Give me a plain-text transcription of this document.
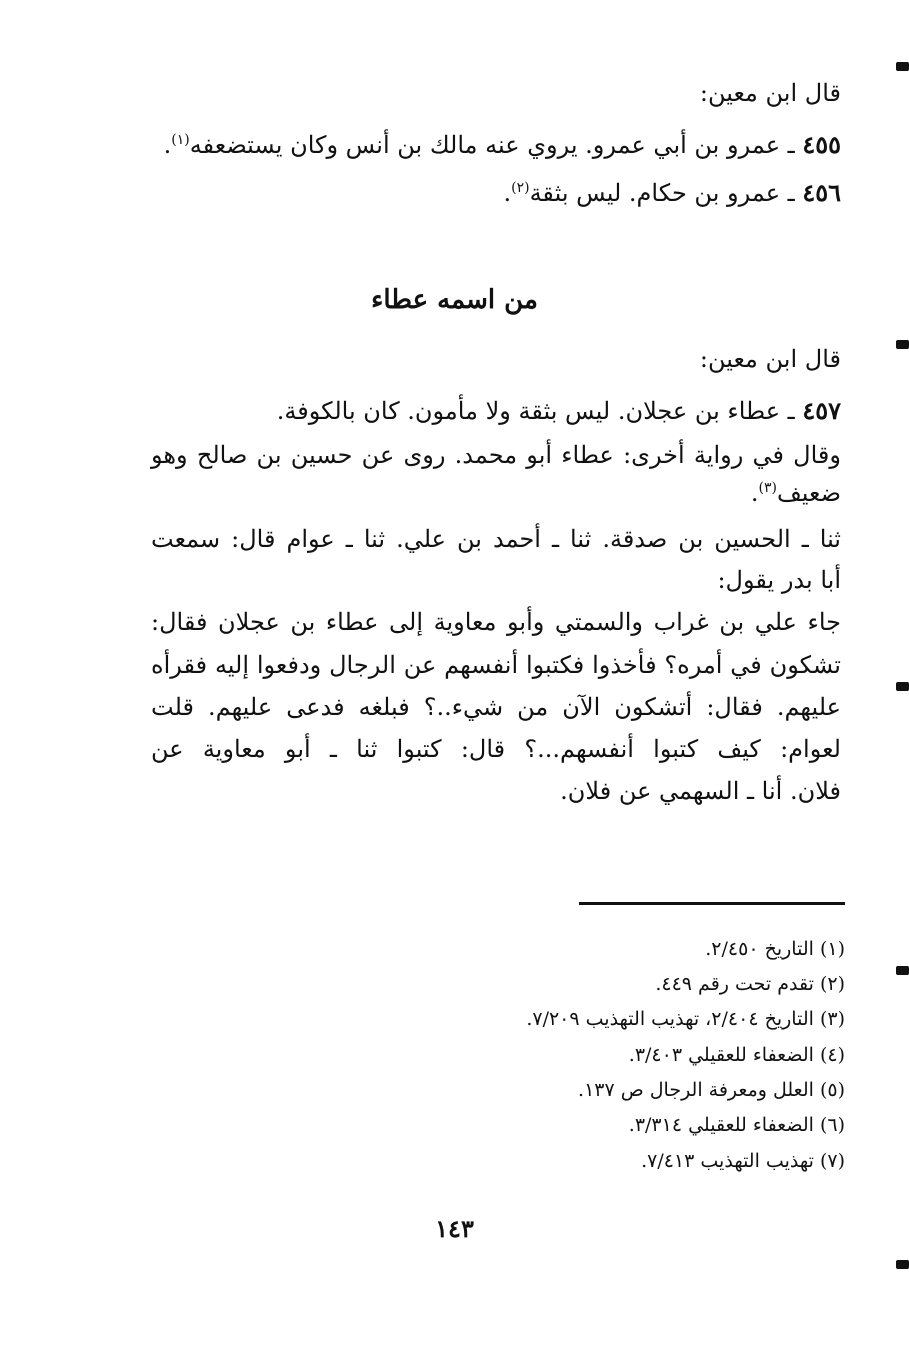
قال ابن معين:
٤٥٥ ـ عمرو بن أبي عمرو. يروي عنه مالك بن أنس وكان يستضعفه$^{(١)}$.
٤٥٦ ـ عمرو بن حكام. ليس بثقة$^{(٢)}$.
من اسمه عطاء
قال ابن معين:
٤٥٧ ـ عطاء بن عجلان. ليس بثقة ولا مأمون. كان بالكوفة.
وقال في رواية أخرى: عطاء أبو محمد. روى عن حسين بن صالح وهو
ضعيف$^{(٣)}$.
ثنا ـ الحسين بن صدقة. ثنا ـ أحمد بن علي. ثنا ـ عوام قال: سمعت
أبا بدر يقول:
جاء علي بن غراب والسمتي وأبو معاوية إلى عطاء بن عجلان فقال:
تشكون في أمره؟ فأخذوا فكتبوا أنفسهم عن الرجال ودفعوا إليه فقرأه
عليهم. فقال: أتشكون الآن من شيء..؟ فبلغه فدعى عليهم. قلت
لعوام: كيف كتبوا أنفسهم...؟ قال: كتبوا ثنا ـ أبو معاوية عن
فلان. أنا ـ السهمي عن فلان.
(١) التاريخ ٢/٤٥٠.
(٢) تقدم تحت رقم ٤٤٩.
(٣) التاريخ ٢/٤٠٤، تهذيب التهذيب ٧/٢٠٩.
(٤) الضعفاء للعقيلي ٣/٤٠٣.
(٥) العلل ومعرفة الرجال ص ١٣٧.
(٦) الضعفاء للعقيلي ٣/٣١٤.
(٧) تهذيب التهذيب ٧/٤١٣.
١٤٣
